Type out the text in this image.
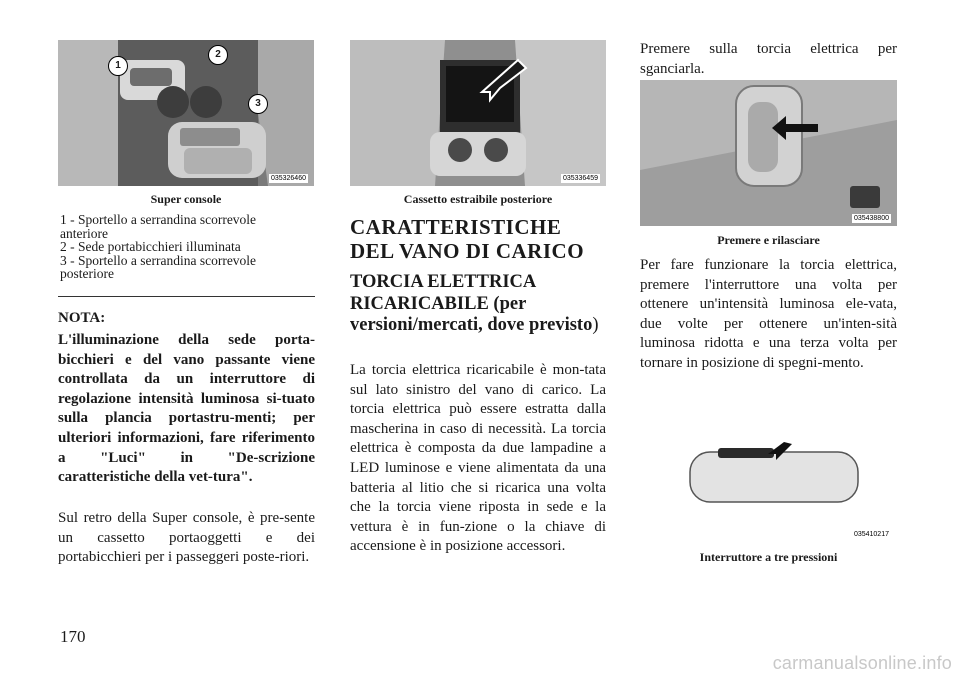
1
2
3
035326460
Super console
1 - Sportello a serrandina scorrevole
anteriore
2 - Sede portabicchieri illuminata
3 - Sportello a serrandina scorrevole
posteriore
NOTA:
L'illuminazione della sede porta-bicchieri e del vano passante viene controllata da un interruttore di regolazione intensità luminosa si-tuato sulla plancia portastru-menti; per ulteriori informazioni, fare riferimento a "Luci" in "De-scrizione caratteristiche della vet-tura".
Sul retro della Super console, è pre-sente un cassetto portaoggetti e dei portabicchieri per i passeggeri poste-riori.
035336459
Cassetto estraibile posteriore
CARATTERISTICHE DEL VANO DI CARICO
TORCIA ELETTRICA RICARICABILE (per versioni/mercati, dove previsto)
La torcia elettrica ricaricabile è mon-tata sul lato sinistro del vano di carico. La torcia elettrica può essere estratta dalla mascherina in caso di necessità. La torcia elettrica è composta da due lampadine a LED luminose e viene alimentata da una batteria al litio che si ricarica una volta che la torcia viene riposta in sede e la vettura è in fun-zione o la chiave di accensione è in posizione accessori.
Premere sulla torcia elettrica per sganciarla.
035438800
Premere e rilasciare
Per fare funzionare la torcia elettrica, premere l'interruttore una volta per ottenere un'intensità luminosa ele-vata, due volte per ottenere un'inten-sità luminosa ridotta e una terza volta per tornare in posizione di spegni-mento.
035410217
Interruttore a tre pressioni
170
carmanualsonline.info
